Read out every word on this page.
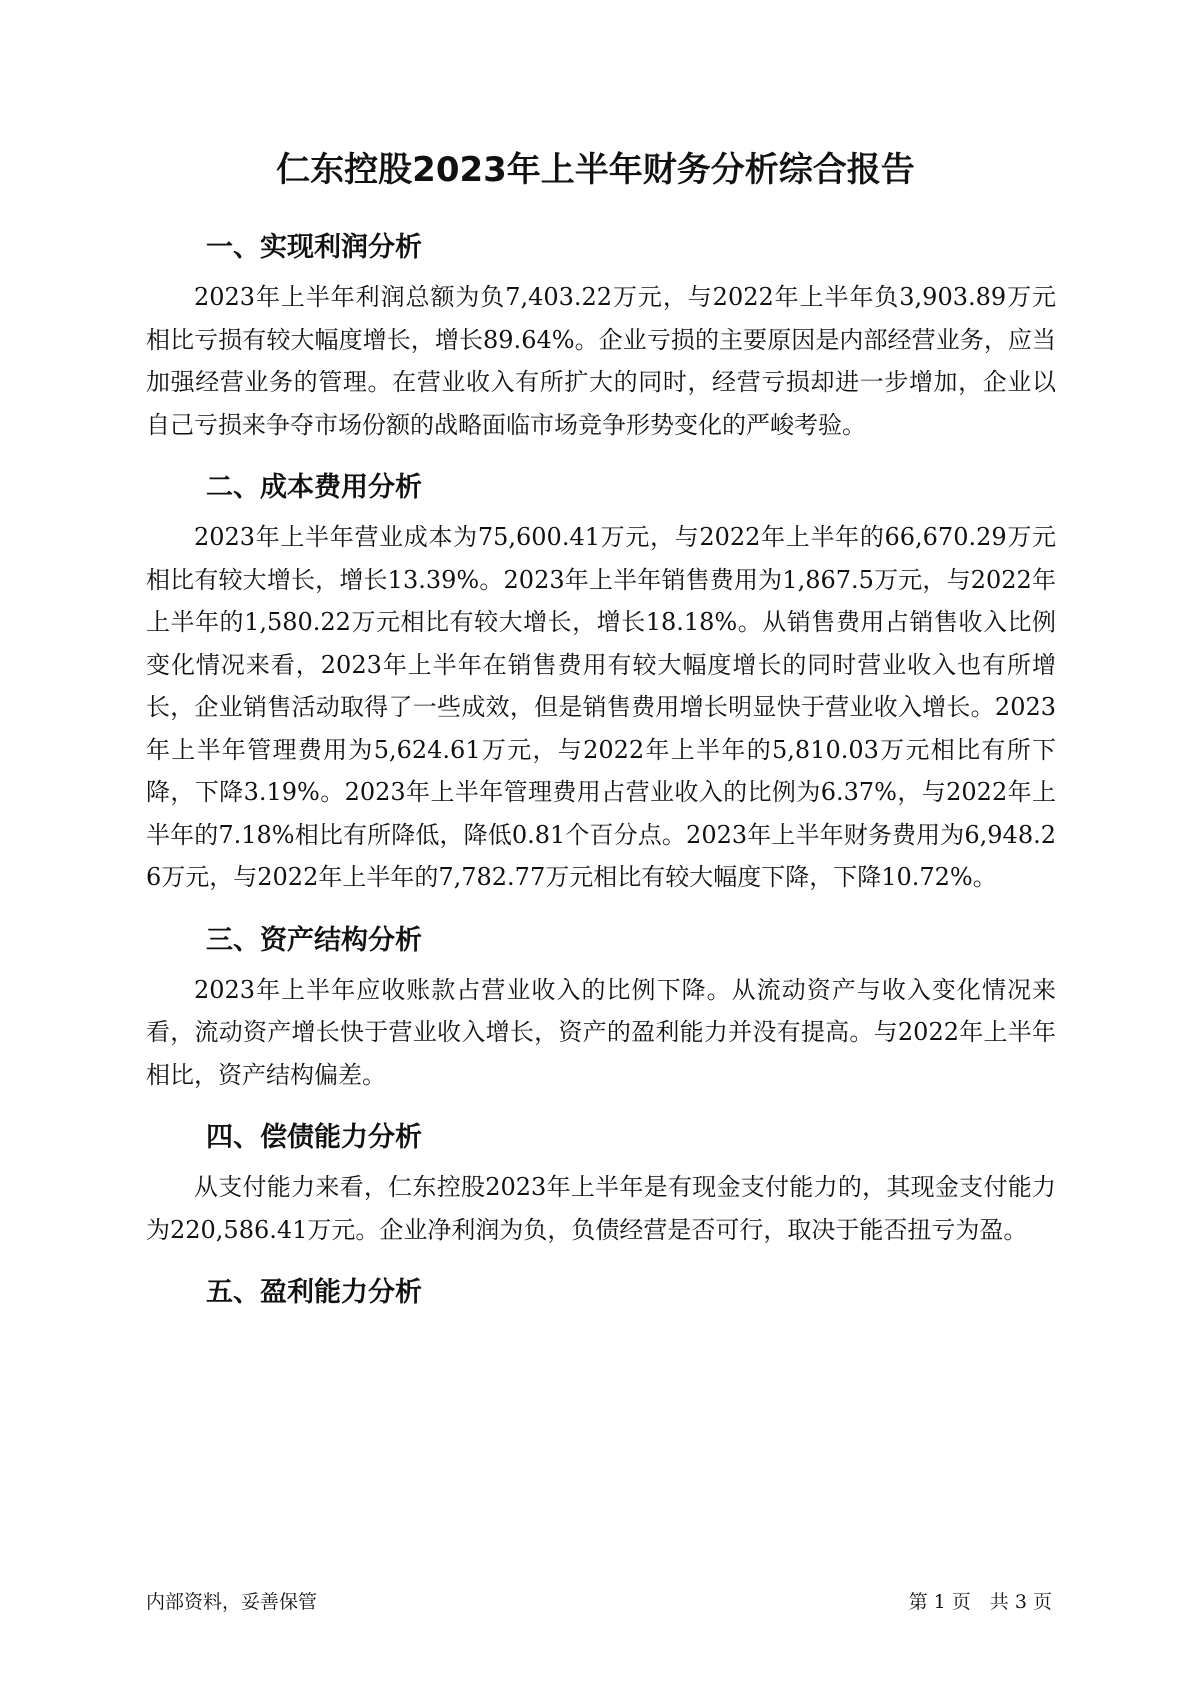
仁东控股2023年上半年财务分析综合报告
一、实现利润分析

2023年上半年利润总额为负7,403.22万元，与2022年上半年负3,903.89万元相比亏损有较大幅度增长，增长89.64%。企业亏损的主要原因是内部经营业务，应当加强经营业务的管理。在营业收入有所扩大的同时，经营亏损却进一步增加，企业以自己亏损来争夺市场份额的战略面临市场竞争形势变化的严峻考验。

二、成本费用分析

2023年上半年营业成本为75,600.41万元，与2022年上半年的66,670.29万元相比有较大增长，增长13.39%。2023年上半年销售费用为1,867.5万元，与2022年上半年的1,580.22万元相比有较大增长，增长18.18%。从销售费用占销售收入比例变化情况来看，2023年上半年在销售费用有较大幅度增长的同时营业收入也有所增长，企业销售活动取得了一些成效，但是销售费用增长明显快于营业收入增长。2023年上半年管理费用为5,624.61万元，与2022年上半年的5,810.03万元相比有所下降，下降3.19%。2023年上半年管理费用占营业收入的比例为6.37%，与2022年上半年的7.18%相比有所降低，降低0.81个百分点。2023年上半年财务费用为6,948.26万元，与2022年上半年的7,782.77万元相比有较大幅度下降，下降10.72%。

三、资产结构分析

2023年上半年应收账款占营业收入的比例下降。从流动资产与收入变化情况来看，流动资产增长快于营业收入增长，资产的盈利能力并没有提高。与2022年上半年相比，资产结构偏差。

四、偿债能力分析

从支付能力来看，仁东控股2023年上半年是有现金支付能力的，其现金支付能力为220,586.41万元。企业净利润为负，负债经营是否可行，取决于能否扭亏为盈。

五、盈利能力分析
内部资料，妥善保管	第 1 页　共 3 页
